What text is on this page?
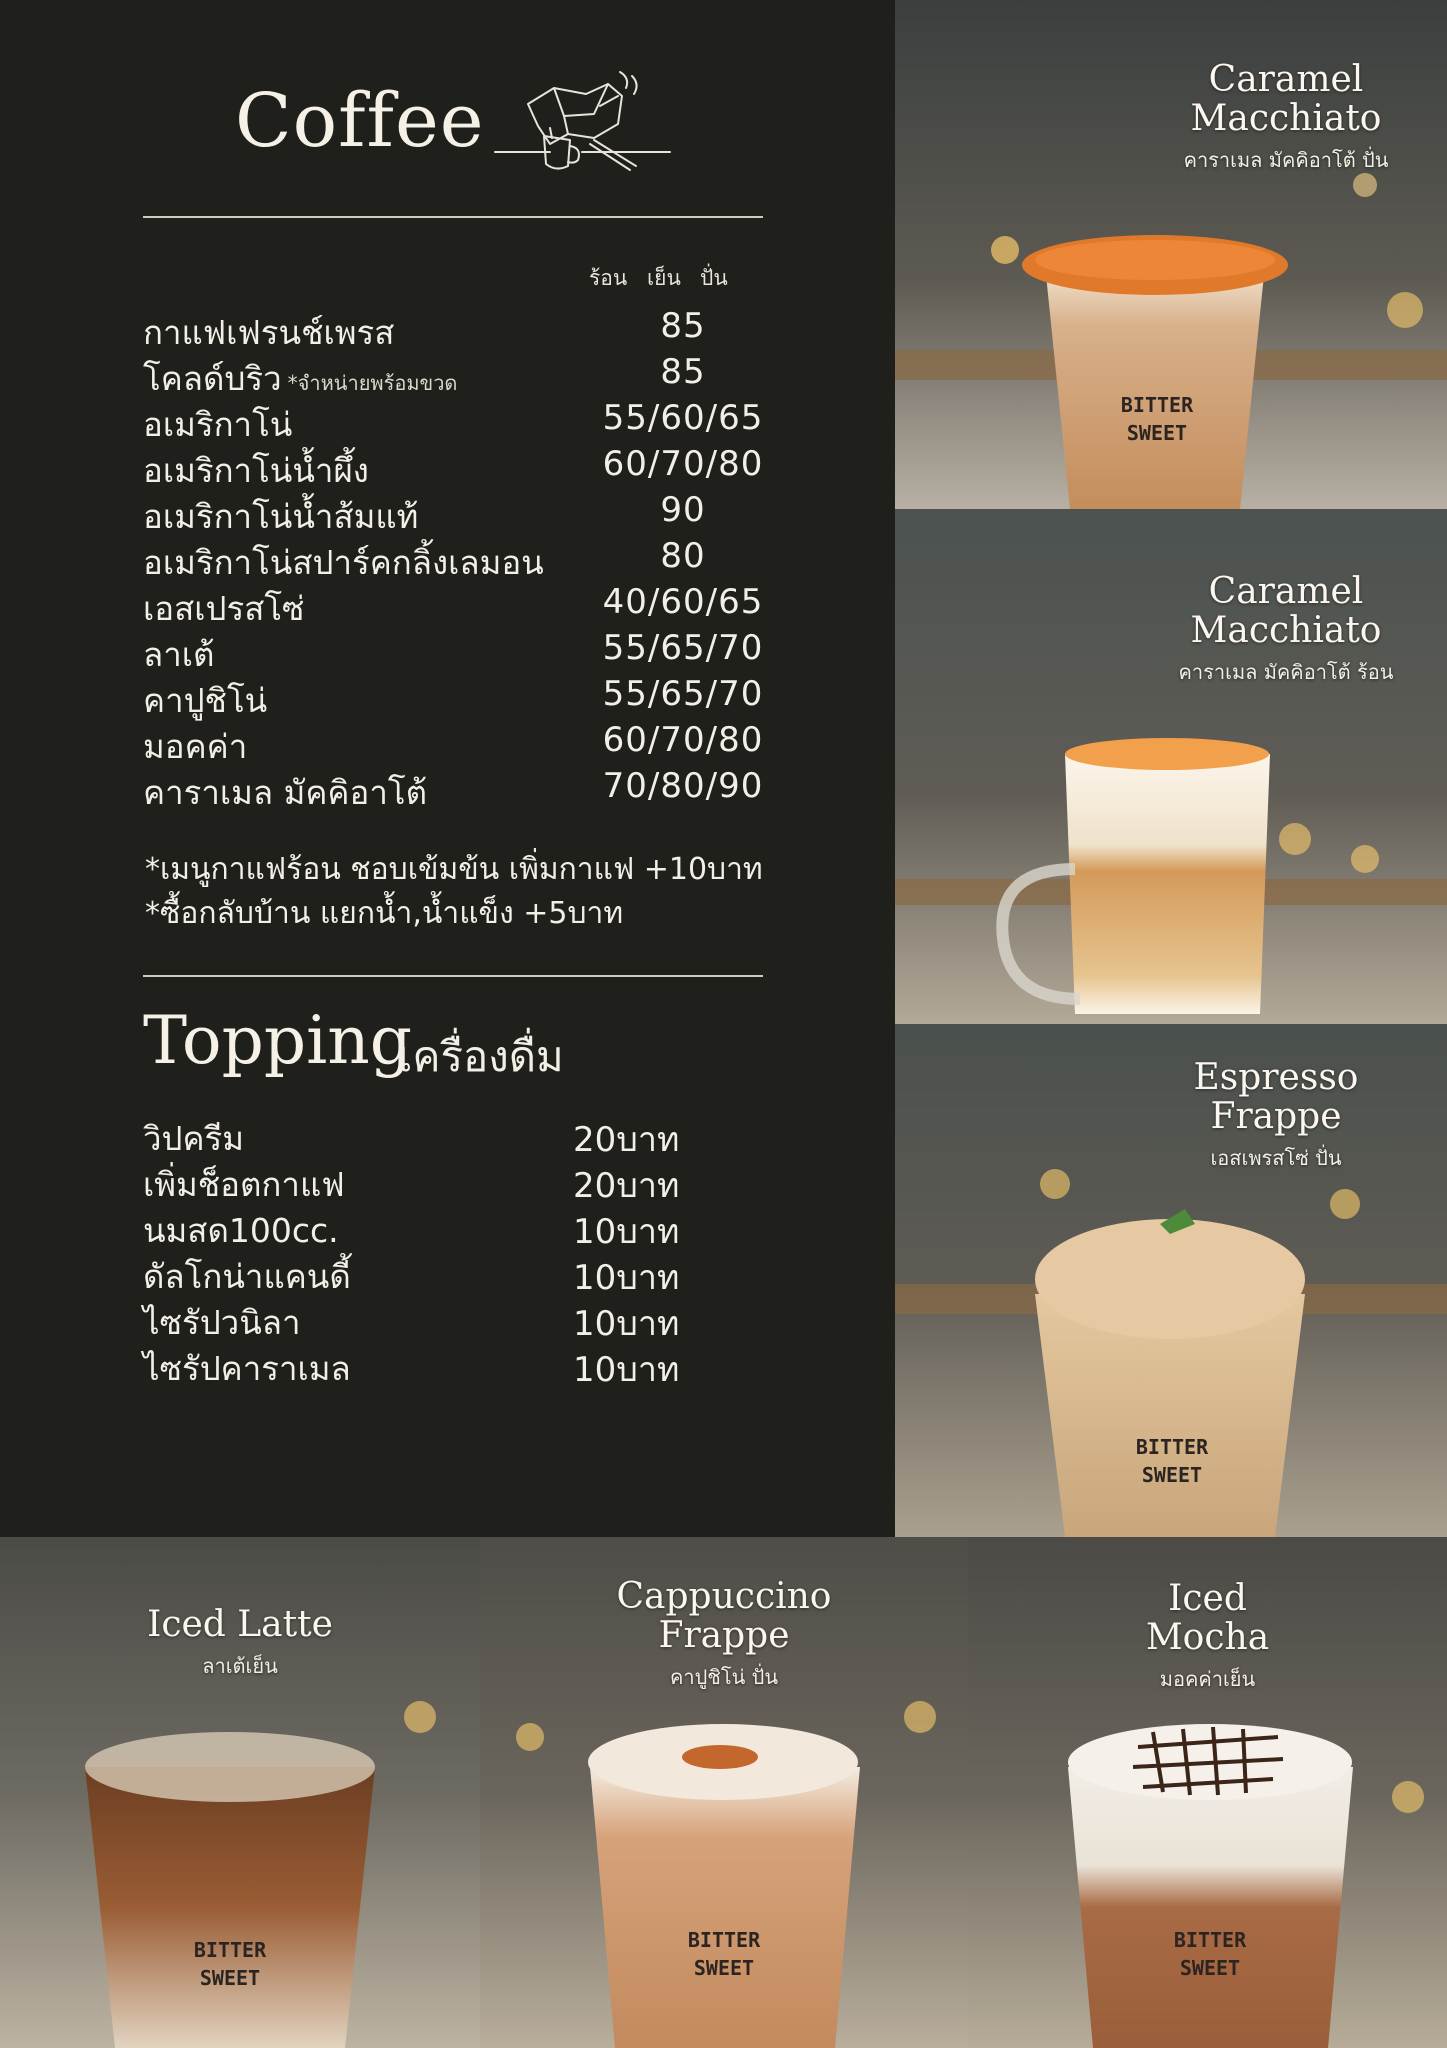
Coffee
ร้อน เย็น ปั่น
กาแฟเฟรนช์เพรส	85
โคลด์บริว *จำหน่ายพร้อมขวด	85
อเมริกาโน่	55/60/65
อเมริกาโน่น้ำผึ้ง	60/70/80
อเมริกาโน่น้ำส้มแท้	90
อเมริกาโน่สปาร์คกลิ้งเลมอน	80
เอสเปรสโซ่	40/60/65
ลาเต้	55/65/70
คาปูชิโน่	55/65/70
มอคค่า	60/70/80
คาราเมล มัคคิอาโต้	70/80/90
*เมนูกาแฟร้อน ชอบเข้มข้น เพิ่มกาแฟ +10บาท
*ซื้อกลับบ้าน แยกน้ำ,น้ำแข็ง +5บาท
Topping
เครื่องดื่ม
วิปครีม	20บาท
เพิ่มช็อตกาแฟ	20บาท
นมสด100cc.	10บาท
ดัลโกน่าแคนดี้	10บาท
ไซรัปวนิลา	10บาท
ไซรัปคาราเมล	10บาท
BITTER
SWEET
Caramel
Macchiato
คาราเมล มัคคิอาโต้ ปั่น
Caramel
Macchiato
คาราเมล มัคคิอาโต้ ร้อน
BITTER
SWEET
Espresso
Frappe
เอสเพรสโซ่ ปั่น
BITTER
SWEET
Iced Latte
ลาเต้เย็น
BITTER
SWEET
Cappuccino
Frappe
คาปูชิโน่ ปั่น
BITTER
SWEET
Iced
Mocha
มอคค่าเย็น
